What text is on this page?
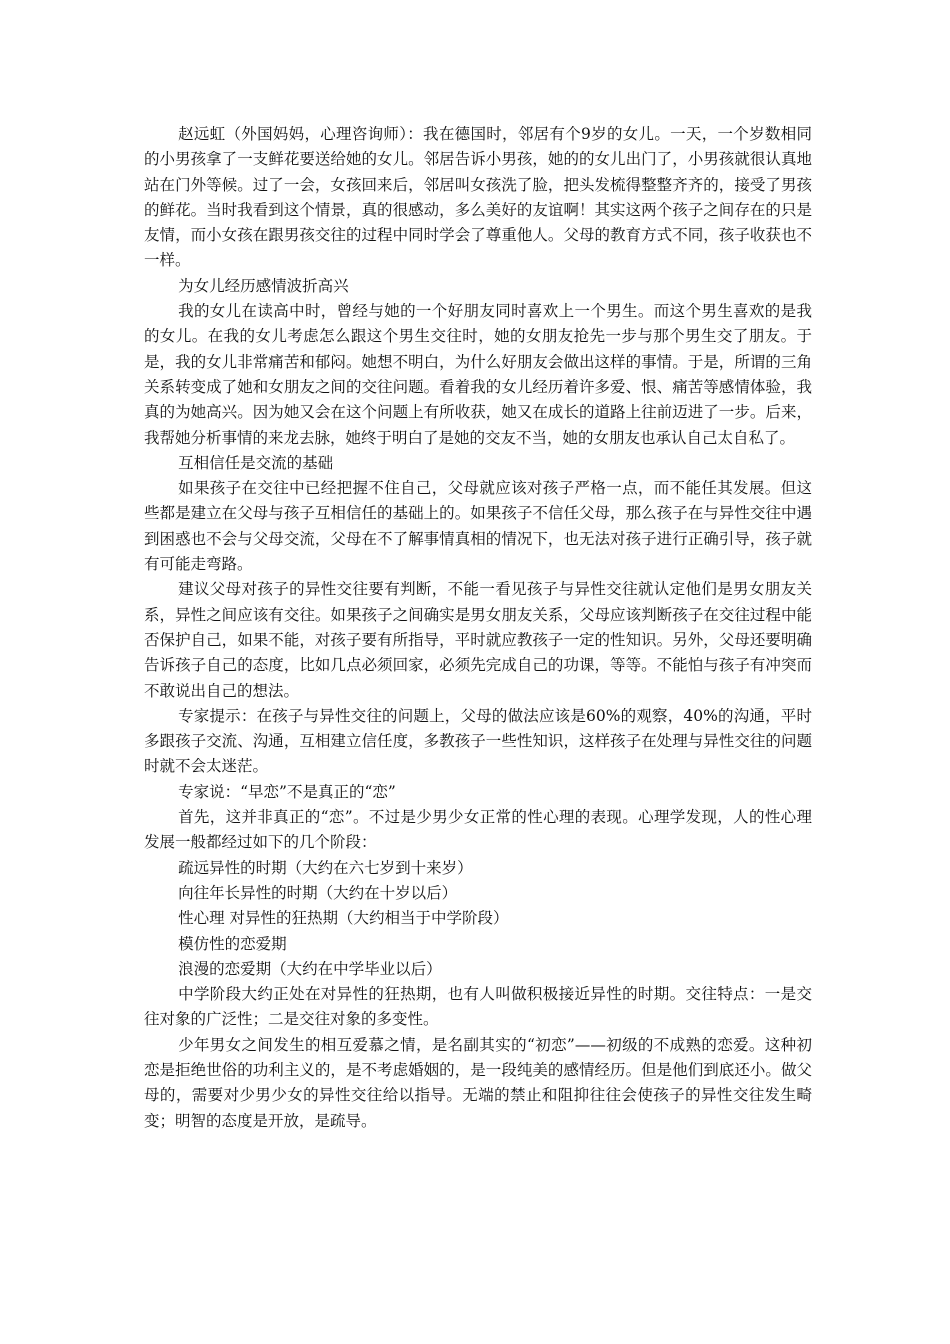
赵远虹（外国妈妈，心理咨询师）：我在德国时，邻居有个9岁的女儿。一天，一个岁数相同的小男孩拿了一支鲜花要送给她的女儿。邻居告诉小男孩，她的的女儿出门了，小男孩就很认真地站在门外等候。过了一会，女孩回来后，邻居叫女孩洗了脸，把头发梳得整整齐齐的，接受了男孩的鲜花。当时我看到这个情景，真的很感动，多么美好的友谊啊！其实这两个孩子之间存在的只是友情，而小女孩在跟男孩交往的过程中同时学会了尊重他人。父母的教育方式不同，孩子收获也不一样。

为女儿经历感情波折高兴

我的女儿在读高中时，曾经与她的一个好朋友同时喜欢上一个男生。而这个男生喜欢的是我的女儿。在我的女儿考虑怎么跟这个男生交往时，她的女朋友抢先一步与那个男生交了朋友。于是，我的女儿非常痛苦和郁闷。她想不明白，为什么好朋友会做出这样的事情。于是，所谓的三角关系转变成了她和女朋友之间的交往问题。看着我的女儿经历着许多爱、恨、痛苦等感情体验，我真的为她高兴。因为她又会在这个问题上有所收获，她又在成长的道路上往前迈进了一步。后来，我帮她分析事情的来龙去脉，她终于明白了是她的交友不当，她的女朋友也承认自己太自私了。

互相信任是交流的基础

如果孩子在交往中已经把握不住自己，父母就应该对孩子严格一点，而不能任其发展。但这些都是建立在父母与孩子互相信任的基础上的。如果孩子不信任父母，那么孩子在与异性交往中遇到困惑也不会与父母交流，父母在不了解事情真相的情况下，也无法对孩子进行正确引导，孩子就有可能走弯路。

建议父母对孩子的异性交往要有判断，不能一看见孩子与异性交往就认定他们是男女朋友关系，异性之间应该有交往。如果孩子之间确实是男女朋友关系，父母应该判断孩子在交往过程中能否保护自己，如果不能，对孩子要有所指导，平时就应教孩子一定的性知识。另外，父母还要明确告诉孩子自己的态度，比如几点必须回家，必须先完成自己的功课，等等。不能怕与孩子有冲突而不敢说出自己的想法。

专家提示：在孩子与异性交往的问题上，父母的做法应该是60%的观察，40%的沟通，平时多跟孩子交流、沟通，互相建立信任度，多教孩子一些性知识，这样孩子在处理与异性交往的问题时就不会太迷茫。

专家说：“早恋”不是真正的“恋”

首先，这并非真正的“恋”。不过是少男少女正常的性心理的表现。心理学发现，人的性心理发展一般都经过如下的几个阶段：

疏远异性的时期（大约在六七岁到十来岁）

向往年长异性的时期（大约在十岁以后）

性心理 对异性的狂热期（大约相当于中学阶段）

模仿性的恋爱期

浪漫的恋爱期（大约在中学毕业以后）

中学阶段大约正处在对异性的狂热期，也有人叫做积极接近异性的时期。交往特点：一是交往对象的广泛性；二是交往对象的多变性。

少年男女之间发生的相互爱慕之情，是名副其实的“初恋”——初级的不成熟的恋爱。这种初恋是拒绝世俗的功利主义的，是不考虑婚姻的，是一段纯美的感情经历。但是他们到底还小。做父母的，需要对少男少女的异性交往给以指导。无端的禁止和阻抑往往会使孩子的异性交往发生畸变；明智的态度是开放，是疏导。
